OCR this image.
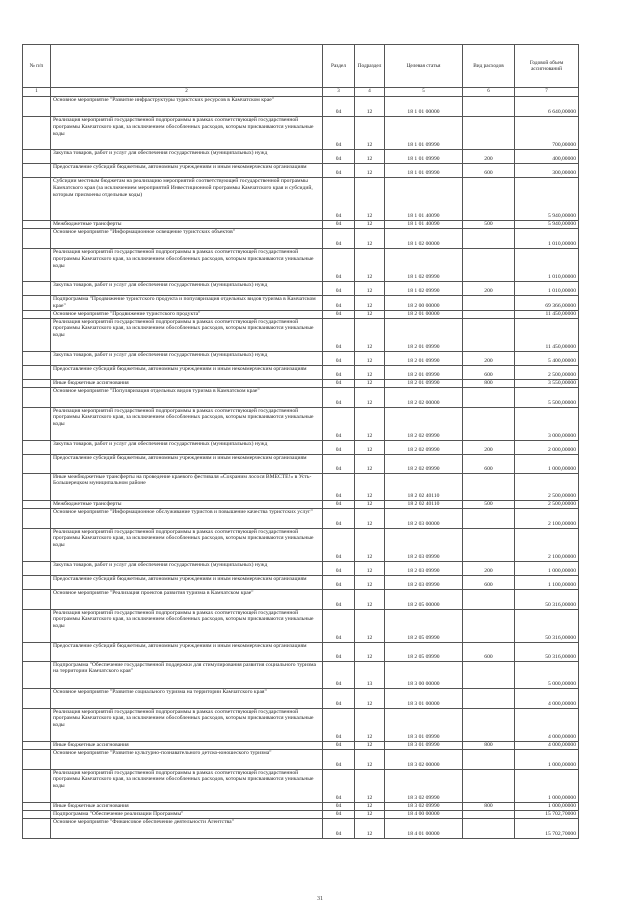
№ п/п		Раздел	Подраздел	Целевая статья	Вид расходов	Годовой объем ассигнований
1	2	3	4	5	6	7
	Основное мероприятие "Развитие инфраструктуры туристских ресурсов в Камчатском крае"	04	12	18 1 01 00000		6 640,00000
	Реализация мероприятий государственной подпрограммы в рамках соответствующей государственной программы Камчатского края, за исключением обособленных расходов, которым присваиваются уникальные коды	04	12	18 1 01 09990		700,00000
	Закупка товаров, работ и услуг для обеспечения государственных (муниципальных) нужд	04	12	18 1 01 09990	200	400,00000
	Предоставление субсидий бюджетным, автономным учреждениям и иным некоммерческим организациям	04	12	18 1 01 09990	600	300,00000
	Субсидии местным бюджетам на реализацию мероприятий соответствующей государственной программы Камчатского края (за исключением мероприятий Инвестиционной программы Камчатского края и субсидий, которым присвоены отдельные коды)	04	12	18 1 01 40090		5 940,00000
	Межбюджетные трансферты	04	12	18 1 01 40090	500	5 940,00000
	Основное мероприятие "Информационное освещение туристских объектов"	04	12	18 1 02 00000		1 010,00000
	Реализация мероприятий государственной подпрограммы в рамках соответствующей государственной программы Камчатского края, за исключением обособленных расходов, которым присваиваются уникальные коды	04	12	18 1 02 09990		1 010,00000
	Закупка товаров, работ и услуг для обеспечения государственных (муниципальных) нужд	04	12	18 1 02 09990	200	1 010,00000
	Подпрограмма "Продвижение туристского продукта и популяризация отдельных видов туризма в Камчатском крае"	04	12	18 2 00 00000		69 366,00000
	Основное мероприятие "Продвижение туристского продукта"	04	12	18 2 01 00000		11 450,00000
	Реализация мероприятий государственной подпрограммы в рамках соответствующей государственной программы Камчатского края, за исключением обособленных расходов, которым присваиваются уникальные коды	04	12	18 2 01 09990		11 450,00000
	Закупка товаров, работ и услуг для обеспечения государственных (муниципальных) нужд	04	12	18 2 01 09990	200	5 400,00000
	Предоставление субсидий бюджетным, автономным учреждениям и иным некоммерческим организациям	04	12	18 2 01 09990	600	2 500,00000
	Иные бюджетные ассигнования	04	12	18 2 01 09990	800	3 550,00000
	Основное мероприятие "Популяризация отдельных видов туризма в Камчатском крае"	04	12	18 2 02 00000		5 500,00000
	Реализация мероприятий государственной подпрограммы в рамках соответствующей государственной программы Камчатского края, за исключением обособленных расходов, которым присваиваются уникальные коды	04	12	18 2 02 09990		3 000,00000
	Закупка товаров, работ и услуг для обеспечения государственных (муниципальных) нужд	04	12	18 2 02 09990	200	2 000,00000
	Предоставление субсидий бюджетным, автономным учреждениям и иным некоммерческим организациям	04	12	18 2 02 09990	600	1 000,00000
	Иные межбюджетные трансферты на проведение краевого фестиваля «Сохраним лосося ВМЕСТЕ!» в Усть-Большерецком муниципальном районе	04	12	18 2 02 40110		2 500,00000
	Межбюджетные трансферты	04	12	18 2 02 40110	500	2 500,00000
	Основное мероприятие "Информационное обслуживание туристов и повышение качества туристских услуг"	04	12	18 2 03 00000		2 100,00000
	Реализация мероприятий государственной подпрограммы в рамках соответствующей государственной программы Камчатского края, за исключением обособленных расходов, которым присваиваются уникальные коды	04	12	18 2 03 09990		2 100,00000
	Закупка товаров, работ и услуг для обеспечения государственных (муниципальных) нужд	04	12	18 2 03 09990	200	1 000,00000
	Предоставление субсидий бюджетным, автономным учреждениям и иным некоммерческим организациям	04	12	18 2 03 09990	600	1 100,00000
	Основное мероприятие "Реализация проектов развития туризма в Камчатском крае"	04	12	18 2 05 00000		50 316,00000
	Реализация мероприятий государственной подпрограммы в рамках соответствующей государственной программы Камчатского края, за исключением обособленных расходов, которым присваиваются уникальные коды	04	12	18 2 05 09990		50 316,00000
	Предоставление субсидий бюджетным, автономным учреждениям и иным некоммерческим организациям	04	12	18 2 05 09990	600	50 316,00000
	Подпрограмма "Обеспечение государственной поддержки для стимулирования развития социального туризма на территории Камчатского края"	04	13	18 3 00 00000		5 000,00000
	Основное мероприятие "Развитие социального туризма на территории Камчатского края"	04	12	18 3 01 00000		4 000,00000
	Реализация мероприятий государственной подпрограммы в рамках соответствующей государственной программы Камчатского края, за исключением обособленных расходов, которым присваиваются уникальные коды	04	12	18 3 01 09990		4 000,00000
	Иные бюджетные ассигнования	04	12	18 3 01 09990	800	4 000,00000
	Основное мероприятие "Развитие культурно-познавательного детско-юношеского туризма"	04	12	18 3 02 00000		1 000,00000
	Реализация мероприятий государственной подпрограммы в рамках соответствующей государственной программы Камчатского края, за исключением обособленных расходов, которым присваиваются уникальные коды	04	12	18 3 02 09990		1 000,00000
	Иные бюджетные ассигнования	04	12	18 3 02 09990	800	1 000,00000
	Подпрограмма "Обеспечение реализации Программы"	04	12	18 4 00 00000		15 702,70000
	Основное мероприятие "Финансовое обеспечение деятельности Агентства"	04	12	18 4 01 00000		15 702,70000
31
